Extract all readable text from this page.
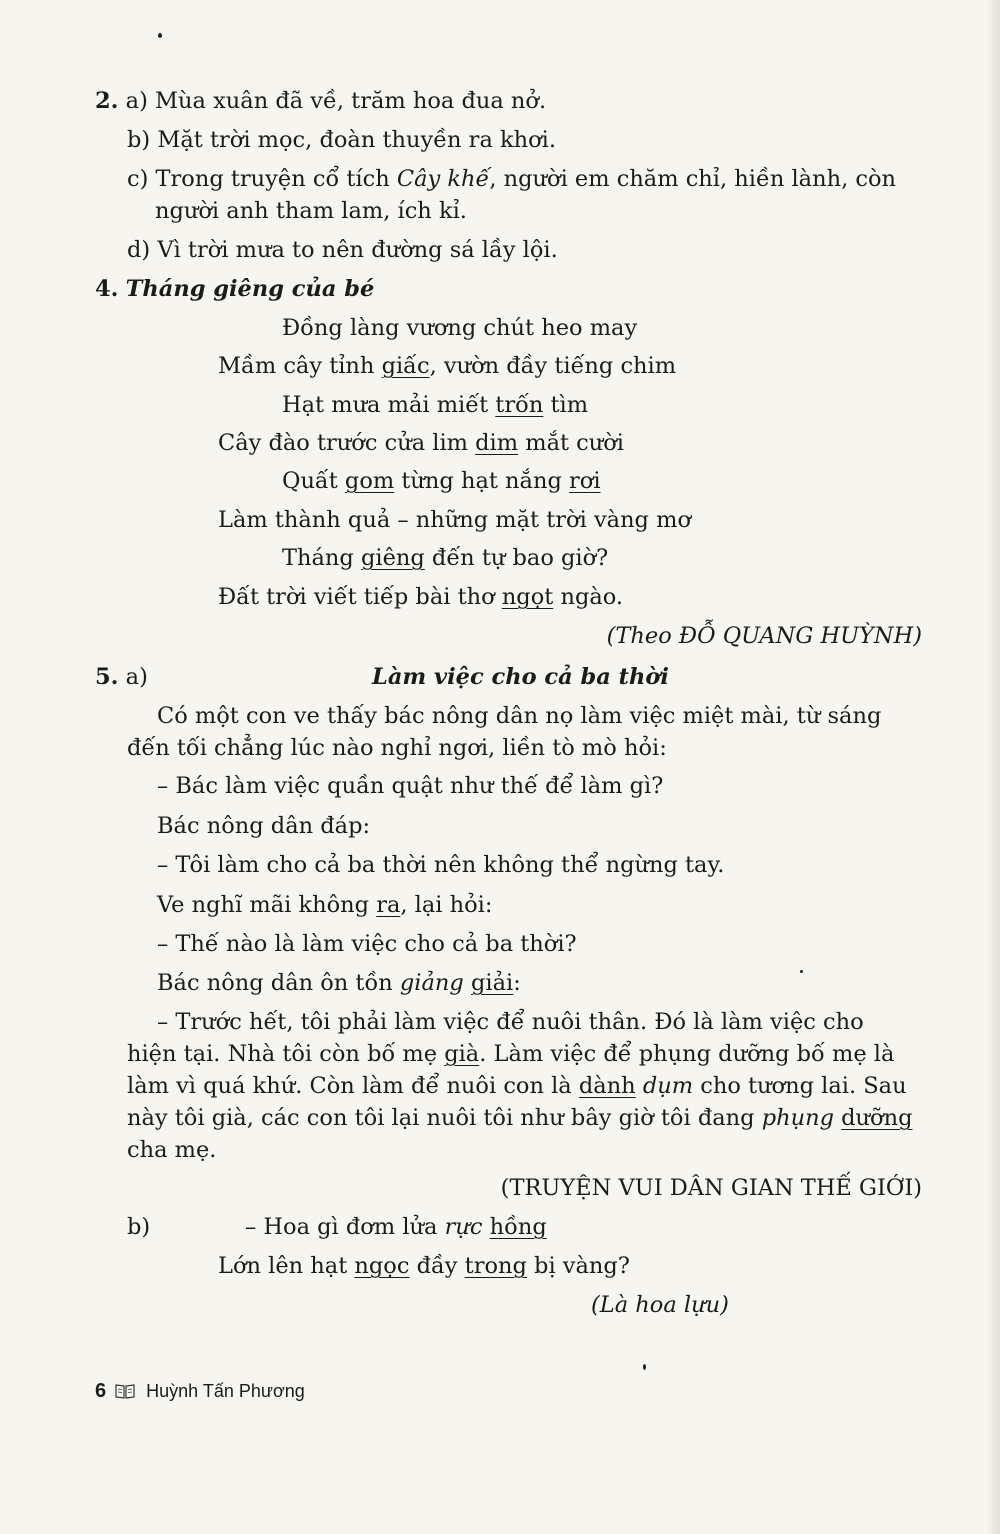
2. a) Mùa xuân đã về, trăm hoa đua nở.
b) Mặt trời mọc, đoàn thuyền ra khơi.
c) Trong truyện cổ tích Cây khế, người em chăm chỉ, hiền lành, còn
người anh tham lam, ích kỉ.
d) Vì trời mưa to nên đường sá lầy lội.
4. Tháng giêng của bé
Đồng làng vương chút heo may
Mầm cây tỉnh giấc, vườn đầy tiếng chim
Hạt mưa mải miết trốn tìm
Cây đào trước cửa lim dim mắt cười
Quất gom từng hạt nắng rơi
Làm thành quả – những mặt trời vàng mơ
Tháng giêng đến tự bao giờ?
Đất trời viết tiếp bài thơ ngọt ngào.
(Theo ĐỖ QUANG HUỲNH)
5. a)	Làm việc cho cả ba thời
Có một con ve thấy bác nông dân nọ làm việc miệt mài, từ sáng
đến tối chẳng lúc nào nghỉ ngơi, liền tò mò hỏi:
– Bác làm việc quần quật như thế để làm gì?
Bác nông dân đáp:
– Tôi làm cho cả ba thời nên không thể ngừng tay.
Ve nghĩ mãi không ra, lại hỏi:
– Thế nào là làm việc cho cả ba thời?
Bác nông dân ôn tồn giảng giải:
– Trước hết, tôi phải làm việc để nuôi thân. Đó là làm việc cho
hiện tại. Nhà tôi còn bố mẹ già. Làm việc để phụng dưỡng bố mẹ là
làm vì quá khứ. Còn làm để nuôi con là dành dụm cho tương lai. Sau
này tôi già, các con tôi lại nuôi tôi như bây giờ tôi đang phụng dưỡng
cha mẹ.
(TRUYỆN VUI DÂN GIAN THẾ GIỚI)
b)	– Hoa gì đơm lửa rực hồng
Lớn lên hạt ngọc đầy trong bị vàng?
(Là hoa lựu)
6 Huỳnh Tấn Phương
